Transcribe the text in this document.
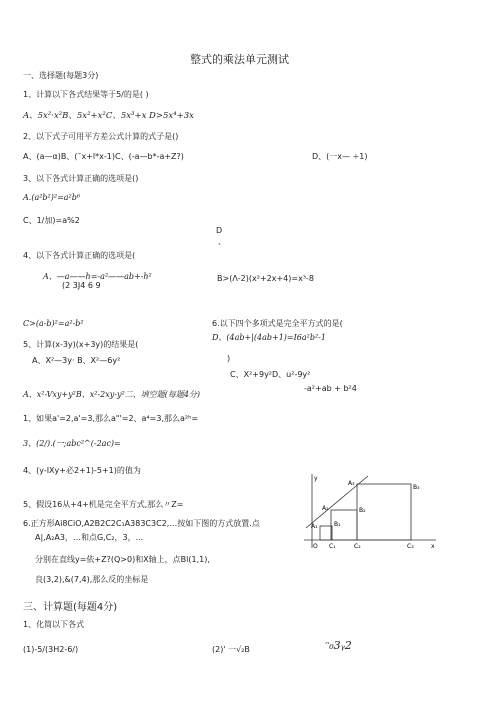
整式的乘法单元测试
一、选择题(每题3分)
1、计算以下各式结果等于5/的是( )
A、5x²·x²B、5x²+x²C、5x³+x D>5x⁴+3x
2、以下式子可用平方差公式计算的式子是()
A、(a—α)B、(¯x+l*x-1)C、(-a—b*-a+Z?)	D、(一x— ÷1)
3、以下各式计算正确的选项是()
A.(a²b²)²=a²b⁶
C、1/加)=a%2
D
、
4、以下各式计算正确的选项是(
A、—a——h=-a²——ab+-h²
(2 3J4 6 9
B>(Λ-2)(x²+2x+4)=x³-8
C>(a-b)²=a²-b²	6.以下四个多项式是完全平方式的是(
D、(4ab+|(4ab+1)=I6a²b²-1
5、计算(x-3y)(x+3y)的结果是(
A、X²—3y· B、X²—6y²	)
C、X²+9y²D、u²-9y²
A、x²-Vxy+y²B、x²-2xy-y²二、填空题(每题4分)
-a²+ab + b²4
1、如果a'=2,a'=3,那么a"'=2、a⁴=3,那么a²ʰ=
3、(2/).(一;abc²^(-2ac)=
4、(y-IXy+必2+1)-5+1)的值为
5、假设16从+4+机是完全平方式,那么〃Z=
6.正方形Ai8CiO,A2B2C2C₁A383C3C2,…按如下图的方式放置.点
A|,A₂A3，…和点G,C₂，3，...
分别在直线y=依+Z?(Q>0)和X轴上，点Bl(1,1),
良(3,2),&(7,4),那么反的坐标是
y
x
A₁
A₂
A₃
B₁
B₂
B₃
O C₁	C₂	C₃
三、计算题(每题4分)
1、化简以下各式
(1)-5/(3H2-6/)	(2)' 一√₂B	ᵔ₀3ᵧ2
